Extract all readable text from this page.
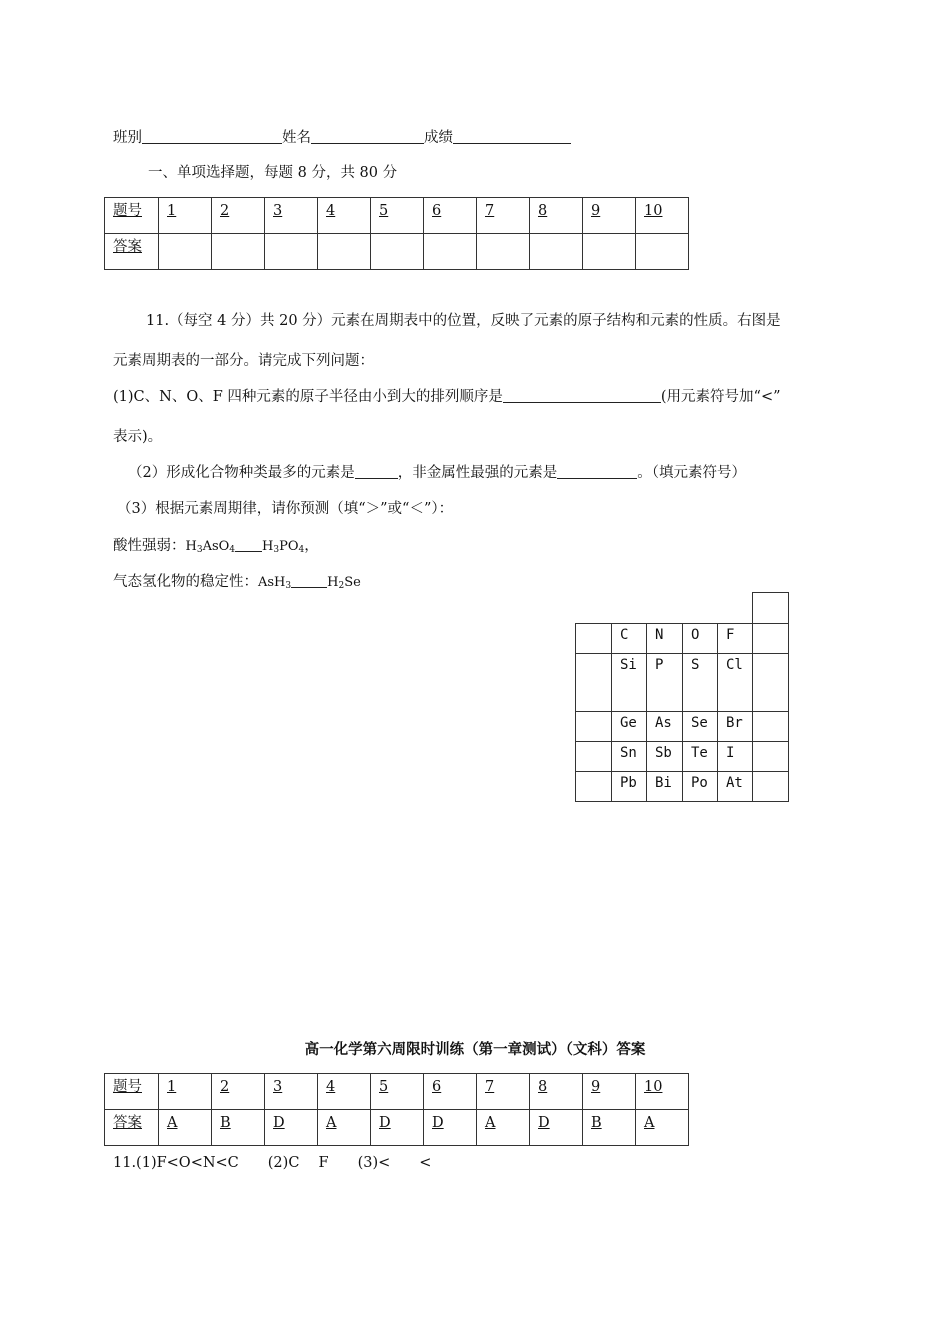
班别	姓名	成绩
一、单项选择题，每题 8 分，共 80 分
题号	1	2	3	4	5	6	7	8	9	10
答案										
11.（每空 4 分）共 20 分）元素在周期表中的位置，反映了元素的原子结构和元素的性质。右图是
元素周期表的一部分。请完成下列问题：
(1)C、N、O、F 四种元素的原子半径由小到大的排列顺序是	(用元素符号加“<”
表示)。
（2）形成化合物种类最多的元素是	，非金属性最强的元素是	。（填元素符号）
（3）根据元素周期律，请你预测（填“＞”或“＜”）：
酸性强弱：$H_3AsO_4$ $H_3PO_4$，
气态氢化物的稳定性：AsH$_3$	$H_2Se$
C	N	O	F
Si	P	S	Cl
Ge	As	Se	Br
Sn	Sb	Te	I
Pb	Bi	Po	At
高一化学第六周限时训练（第一章测试）（文科）答案
题号	1	2	3	4	5	6	7	8	9	10
答案	A	B	D	A	D	D	A	D	B	A
11.(1)F<O<N<C　　(2)C　 F　　(3)<　　<
